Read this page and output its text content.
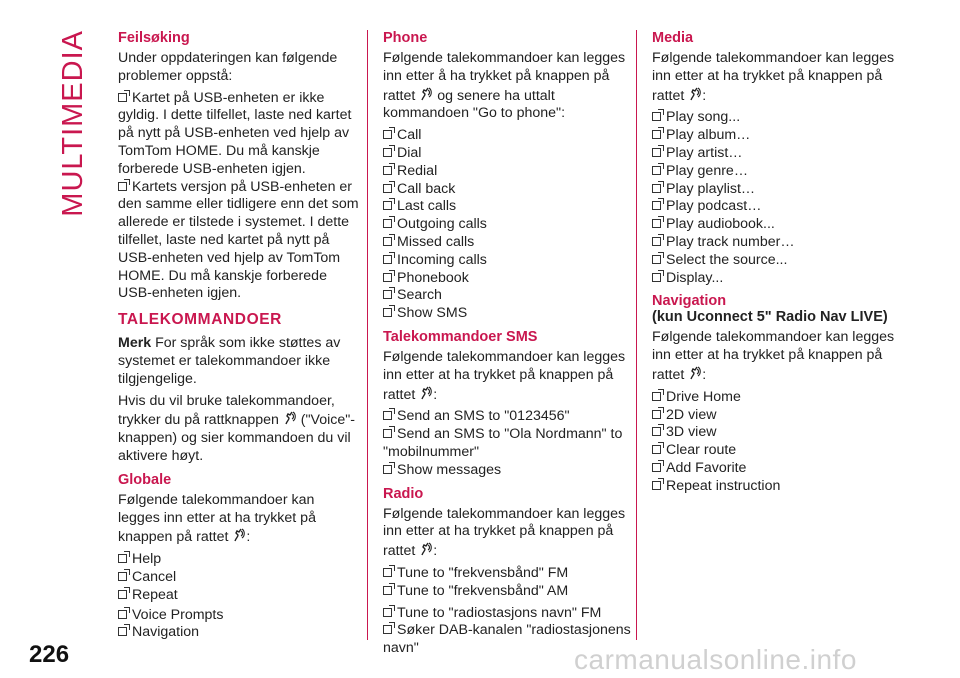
MULTIMEDIA Feilsøking

Under oppdateringen kan følgende problemer oppstå:

Kartet på USB-enheten er ikke gyldig. I dette tilfellet, laste ned kartet på nytt på USB-enheten ved hjelp av TomTom HOME. Du må kanskje forberede USB-enheten igjen.
Kartets versjon på USB-enheten er den samme eller tidligere enn det som allerede er tilstede i systemet. I dette tilfellet, laste ned kartet på nytt på USB-enheten ved hjelp av TomTom HOME. Du må kanskje forberede USB-enheten igjen.
TALEKOMMANDOER

Merk For språk som ikke støttes av systemet er talekommandoer ikke tilgjengelige.

Hvis du vil bruke talekommandoer, trykker du på rattknappen ("Voice"-knappen) og sier kommandoen du vil aktivere høyt.

Globale

Følgende talekommandoer kan legges inn etter at ha trykket på knappen på rattet :

Help
Cancel
Repeat
Voice Prompts
Navigation
Phone

Følgende talekommandoer kan legges inn etter å ha trykket på knappen på rattet og senere ha uttalt kommandoen "Go to phone":

Call
Dial
Redial
Call back
Last calls
Outgoing calls
Missed calls
Incoming calls
Phonebook
Search
Show SMS
Talekommandoer SMS

Følgende talekommandoer kan legges inn etter at ha trykket på knappen på rattet :

Send an SMS to "0123456"
Send an SMS to "Ola Nordmann" to "mobilnummer"
Show messages
Radio

Følgende talekommandoer kan legges inn etter at ha trykket på knappen på rattet :

Tune to "frekvensbånd" FM
Tune to "frekvensbånd" AM
Tune to "radiostasjons navn" FM
Søker DAB-kanalen "radiostasjonens navn"
Media

Følgende talekommandoer kan legges inn etter at ha trykket på knappen på rattet :

Play song...
Play album…
Play artist…
Play genre…
Play playlist…
Play podcast…
Play audiobook...
Play track number…
Select the source...
Display...
Navigation
(kun Uconnect 5" Radio Nav LIVE)

Følgende talekommandoer kan legges inn etter at ha trykket på knappen på rattet :

Drive Home
2D view
3D view
Clear route
Add Favorite
Repeat instruction
226	carmanualsonline.info
